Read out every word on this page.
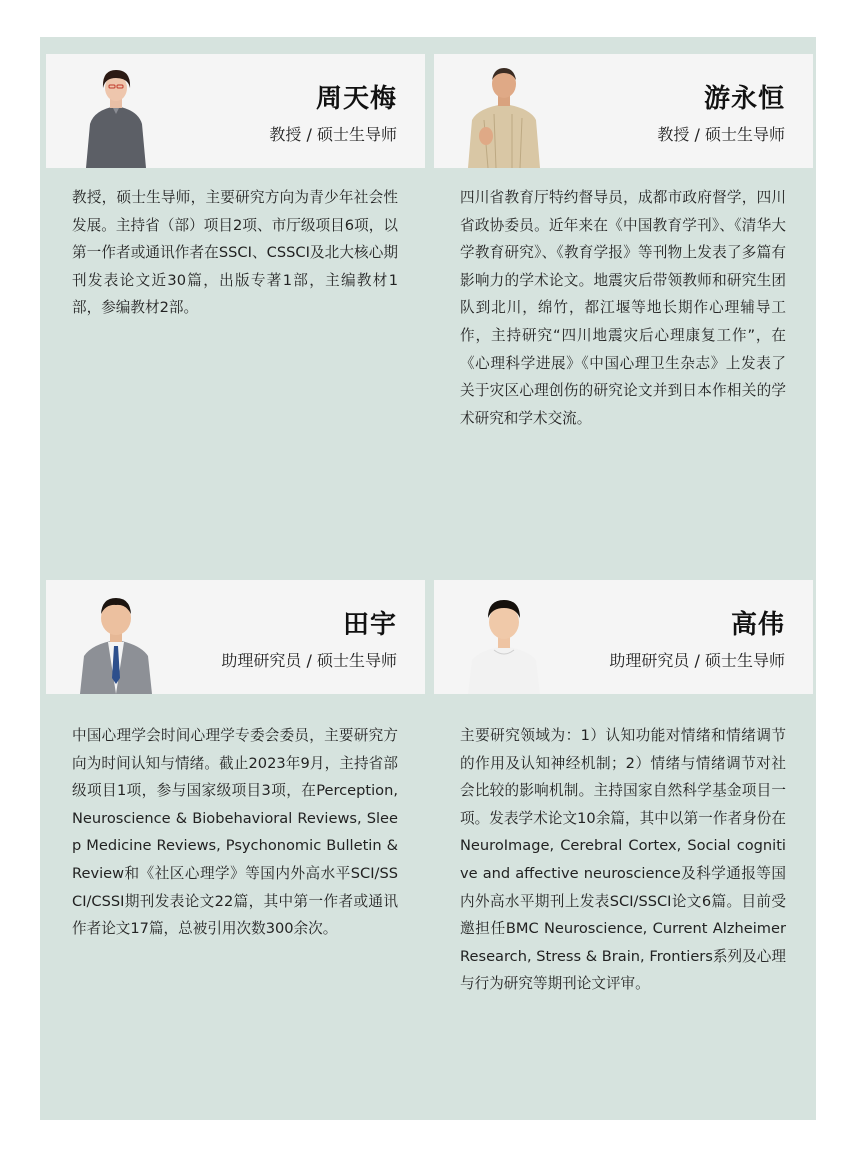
周天梅
教授 / 硕士生导师
教授，硕士生导师，主要研究方向为青少年社会性发展。主持省（部）项目2项、市厅级项目6项，以第一作者或通讯作者在SSCI、CSSCI及北大核心期刊发表论文近30篇，出版专著1部，主编教材1部，参编教材2部。
游永恒
教授 / 硕士生导师
四川省教育厅特约督导员，成都市政府督学，四川省政协委员。近年来在《中国教育学刊》、《清华大学教育研究》、《教育学报》等刊物上发表了多篇有影响力的学术论文。地震灾后带领教师和研究生团队到北川，绵竹，都江堰等地长期作心理辅导工作，主持研究“四川地震灾后心理康复工作”，在《心理科学进展》《中国心理卫生杂志》上发表了关于灾区心理创伤的研究论文并到日本作相关的学术研究和学术交流。
田宇
助理研究员 / 硕士生导师
中国心理学会时间心理学专委会委员，主要研究方向为时间认知与情绪。截止2023年9月，主持省部级项目1项，参与国家级项目3项，在Perception, Neuroscience & Biobehavioral Reviews, Sleep Medicine Reviews, Psychonomic Bulletin & Review和《社区心理学》等国内外高水平SCI/SSCI/CSSI期刊发表论文22篇，其中第一作者或通讯作者论文17篇，总被引用次数300余次。
高伟
助理研究员 / 硕士生导师
主要研究领域为：1）认知功能对情绪和情绪调节的作用及认知神经机制；2）情绪与情绪调节对社会比较的影响机制。主持国家自然科学基金项目一项。发表学术论文10余篇，其中以第一作者身份在NeuroImage, Cerebral Cortex, Social cognitive and affective neuroscience及科学通报等国内外高水平期刊上发表SCI/SSCI论文6篇。目前受邀担任BMC Neuroscience, Current Alzheimer Research, Stress & Brain, Frontiers系列及心理与行为研究等期刊论文评审。
